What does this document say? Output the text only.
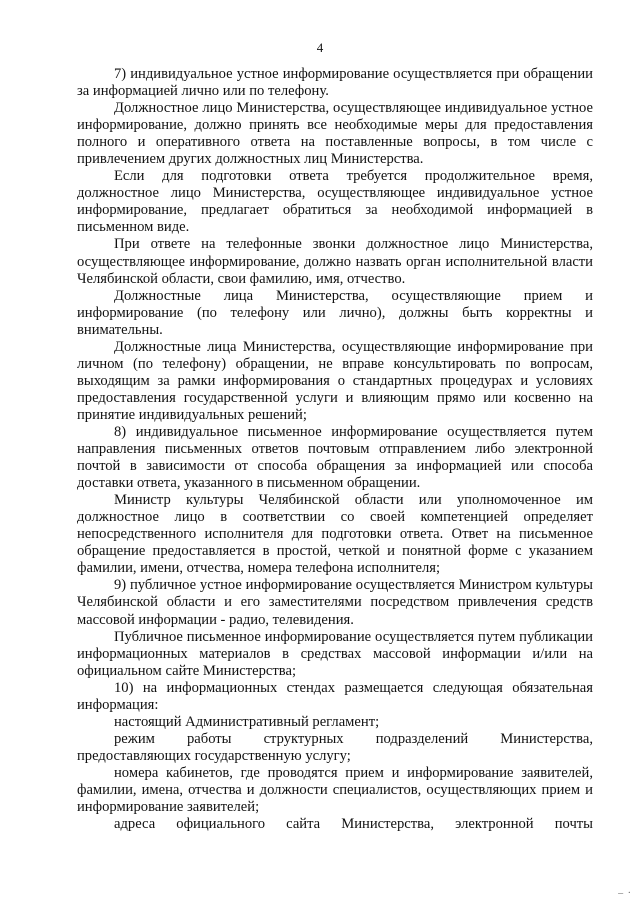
4

7) индивидуальное устное информирование осуществляется при обращении за информацией лично или по телефону.

Должностное лицо Министерства, осуществляющее индивидуальное устное информирование, должно принять все необходимые меры для предоставления полного и оперативного ответа на поставленные вопросы, в том числе с привлечением других должностных лиц Министерства.

Если для подготовки ответа требуется продолжительное время, должностное лицо Министерства, осуществляющее индивидуальное устное информирование, предлагает обратиться за необходимой информацией в письменном виде.

При ответе на телефонные звонки должностное лицо Министерства, осуществляющее информирование, должно назвать орган исполнительной власти Челябинской области, свои фамилию, имя, отчество.

Должностные лица Министерства, осуществляющие прием и информирование (по телефону или лично), должны быть корректны и внимательны.

Должностные лица Министерства, осуществляющие информирование при личном (по телефону) обращении, не вправе консультировать по вопросам, выходящим за рамки информирования о стандартных процедурах и условиях предоставления государственной услуги и влияющим прямо или косвенно на принятие индивидуальных решений;

8) индивидуальное письменное информирование осуществляется путем направления письменных ответов почтовым отправлением либо электронной почтой в зависимости от способа обращения за информацией или способа доставки ответа, указанного в письменном обращении.

Министр культуры Челябинской области или уполномоченное им должностное лицо в соответствии со своей компетенцией определяет непосредственного исполнителя для подготовки ответа. Ответ на письменное обращение предоставляется в простой, четкой и понятной форме с указанием фамилии, имени, отчества, номера телефона исполнителя;

9) публичное устное информирование осуществляется Министром культуры Челябинской области и его заместителями посредством привлечения средств массовой информации - радио, телевидения.

Публичное письменное информирование осуществляется путем публикации информационных материалов в средствах массовой информации и/или на официальном сайте Министерства;

10) на информационных стендах размещается следующая обязательная информация:

настоящий Административный регламент;

режим работы структурных подразделений Министерства, предоставляющих государственную услугу;

номера кабинетов, где проводятся прием и информирование заявителей, фамилии, имена, отчества и должности специалистов, осуществляющих прием и информирование заявителей;

адреса официального сайта Министерства, электронной почты

– ·
